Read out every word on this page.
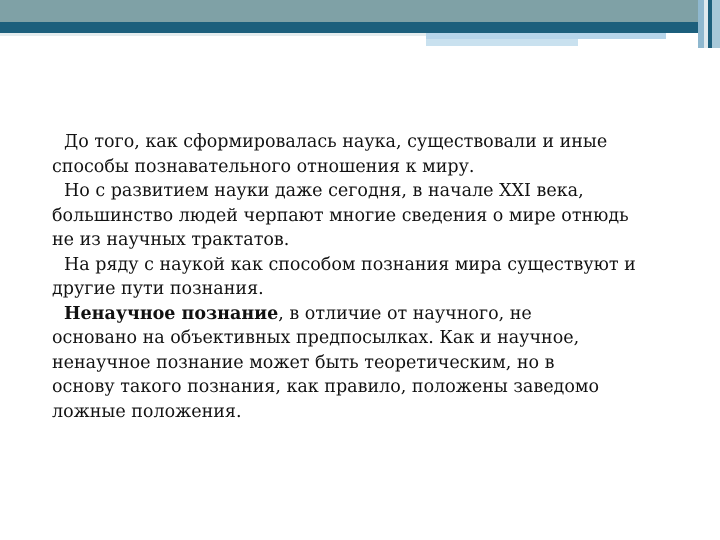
До того, как сформировалась наука, существовали и иные
способы познавательного отношения к миру.
Но с развитием науки даже сегодня, в начале XXI века,
большинство людей черпают многие сведения о мире отнюдь
не из научных трактатов.
На ряду с наукой как способом познания мира существуют и
другие пути познания.
Ненаучное познание, в отличие от научного, не
основано на объективных предпосылках. Как и научное,
ненаучное познание может быть теоретическим, но в
основу такого познания, как правило, положены заведомо
ложные положения.
